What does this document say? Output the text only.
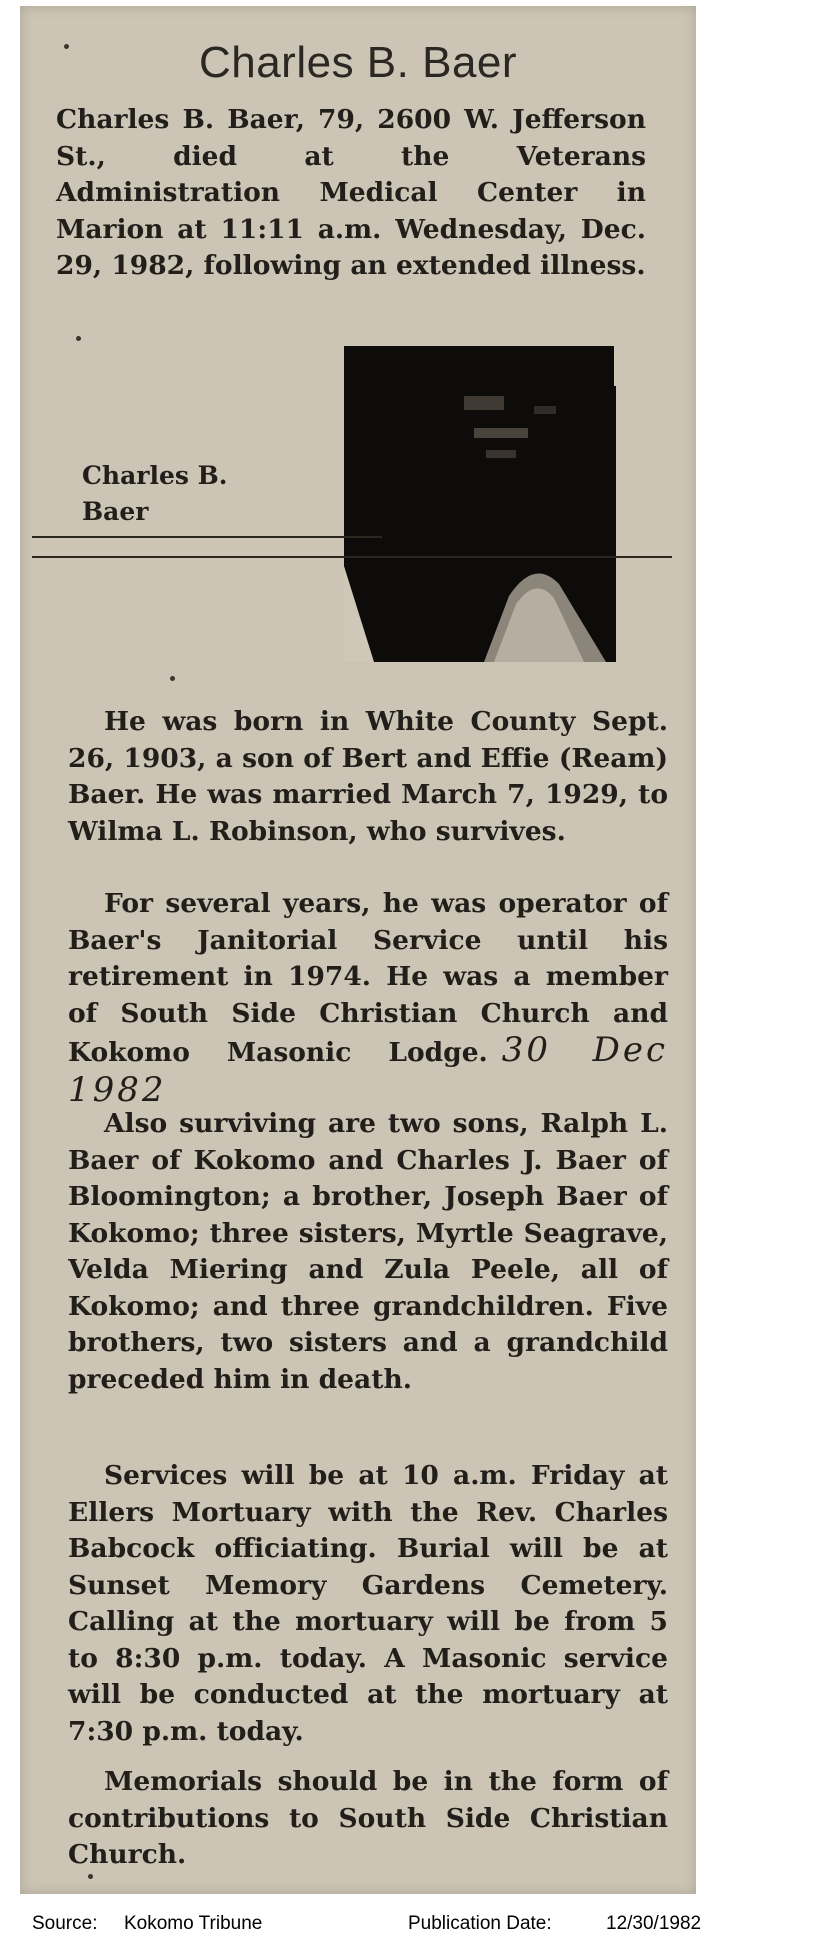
Charles B. Baer

Charles B. Baer, 79, 2600 W. Jefferson St., died at the Veterans Administration Medical Center in Marion at 11:11 a.m. Wednesday, Dec. 29, 1982, following an extended illness.

Charles B.
Baer

He was born in White County Sept. 26, 1903, a son of Bert and Effie (Ream) Baer. He was married March 7, 1929, to Wilma L. Robinson, who survives.

For several years, he was operator of Baer's Janitorial Service until his retirement in 1974. He was a member of South Side Christian Church and Kokomo Masonic Lodge. 30 Dec 1982

Also surviving are two sons, Ralph L. Baer of Kokomo and Charles J. Baer of Bloomington; a brother, Joseph Baer of Kokomo; three sisters, Myrtle Seagrave, Velda Miering and Zula Peele, all of Kokomo; and three grandchildren. Five brothers, two sisters and a grandchild preceded him in death.

Services will be at 10 a.m. Friday at Ellers Mortuary with the Rev. Charles Babcock officiating. Burial will be at Sunset Memory Gardens Cemetery. Calling at the mortuary will be from 5 to 8:30 p.m. today. A Masonic service will be conducted at the mortuary at 7:30 p.m. today.

Memorials should be in the form of contributions to South Side Christian Church.

Source: Kokomo Tribune	Publication Date:	12/30/1982
